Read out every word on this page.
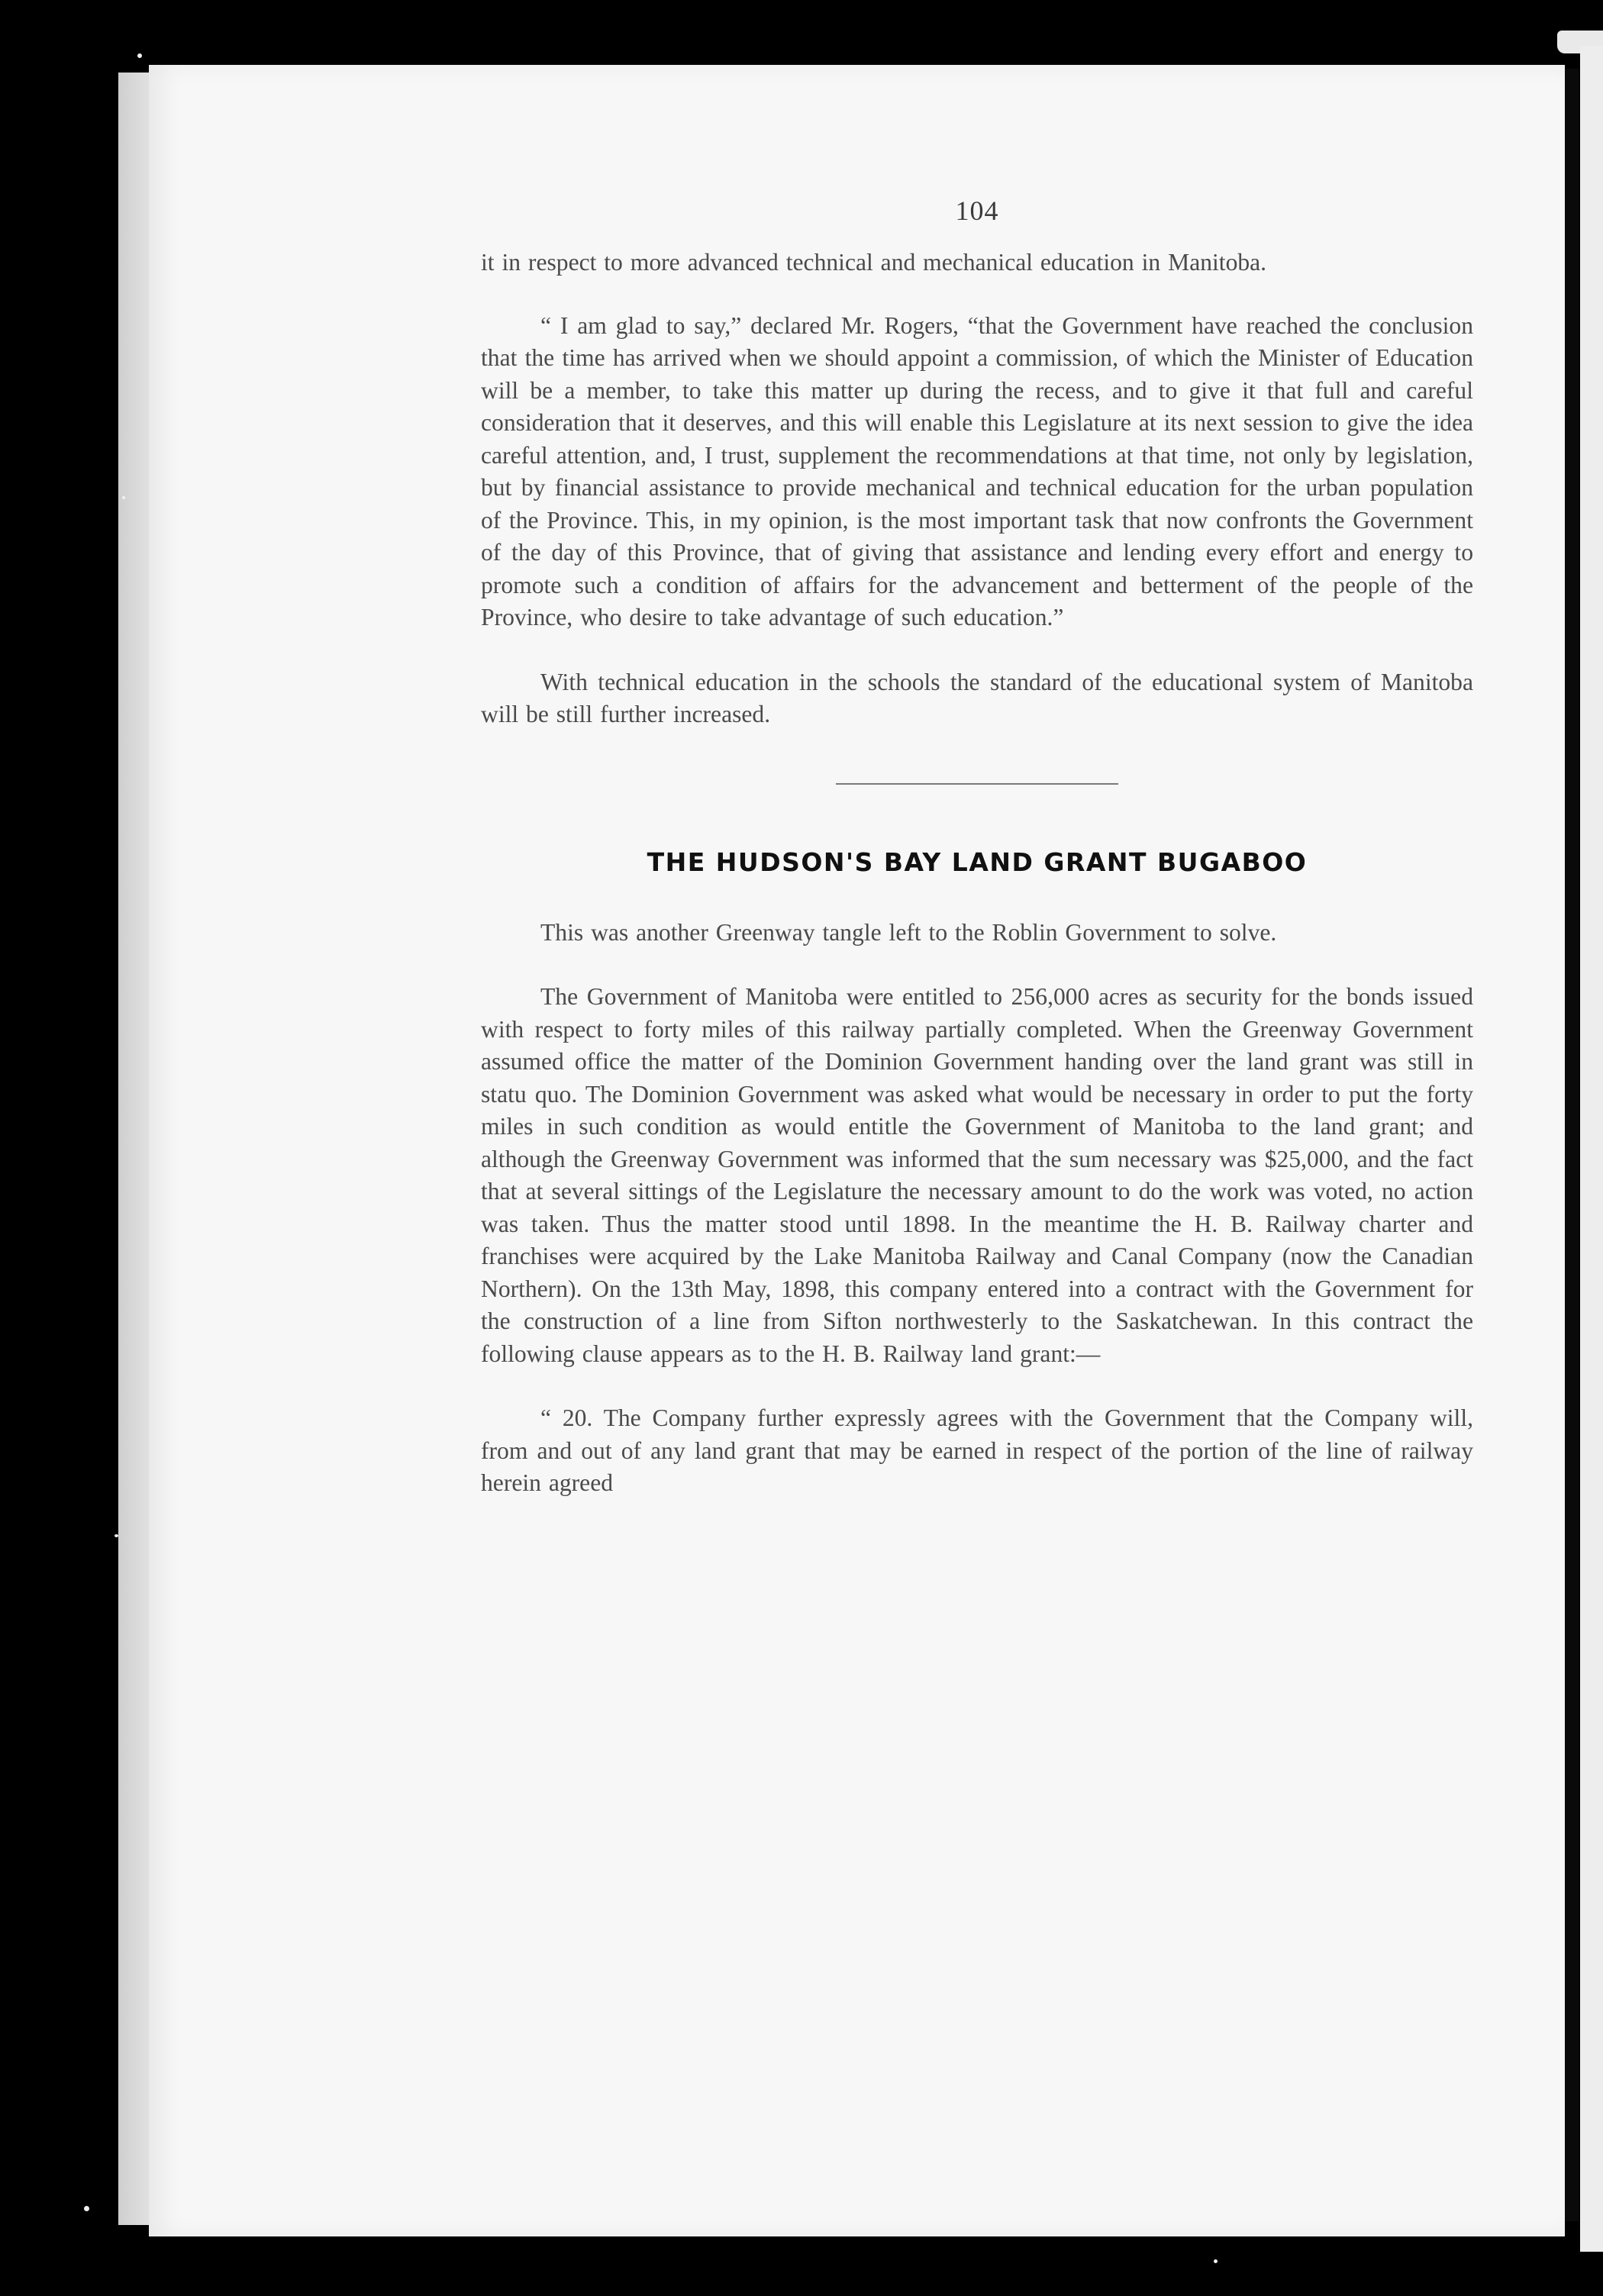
104

it in respect to more advanced technical and mechanical education in Manitoba.

“ I am glad to say,” declared Mr. Rogers, “that the Government have reached the conclusion that the time has arrived when we should appoint a commission, of which the Minister of Education will be a member, to take this matter up during the recess, and to give it that full and careful consideration that it deserves, and this will enable this Legislature at its next session to give the idea careful attention, and, I trust, supplement the recommendations at that time, not only by legislation, but by financial assistance to provide mechanical and technical education for the urban population of the Province. This, in my opinion, is the most important task that now confronts the Government of the day of this Province, that of giving that assistance and lending every effort and energy to promote such a condition of affairs for the advancement and betterment of the people of the Province, who desire to take advantage of such education.”

With technical education in the schools the standard of the educational system of Manitoba will be still further increased.

THE HUDSON'S BAY LAND GRANT BUGABOO

This was another Greenway tangle left to the Roblin Government to solve.

The Government of Manitoba were entitled to 256,000 acres as security for the bonds issued with respect to forty miles of this railway partially completed. When the Greenway Government assumed office the matter of the Dominion Government handing over the land grant was still in statu quo. The Dominion Government was asked what would be necessary in order to put the forty miles in such condition as would entitle the Government of Manitoba to the land grant; and although the Greenway Government was informed that the sum necessary was $25,000, and the fact that at several sittings of the Legislature the necessary amount to do the work was voted, no action was taken. Thus the matter stood until 1898. In the meantime the H. B. Railway charter and franchises were acquired by the Lake Manitoba Railway and Canal Company (now the Canadian Northern). On the 13th May, 1898, this company entered into a contract with the Government for the construction of a line from Sifton northwesterly to the Saskatchewan. In this contract the following clause appears as to the H. B. Railway land grant:—

“ 20. The Company further expressly agrees with the Government that the Company will, from and out of any land grant that may be earned in respect of the portion of the line of railway herein agreed
